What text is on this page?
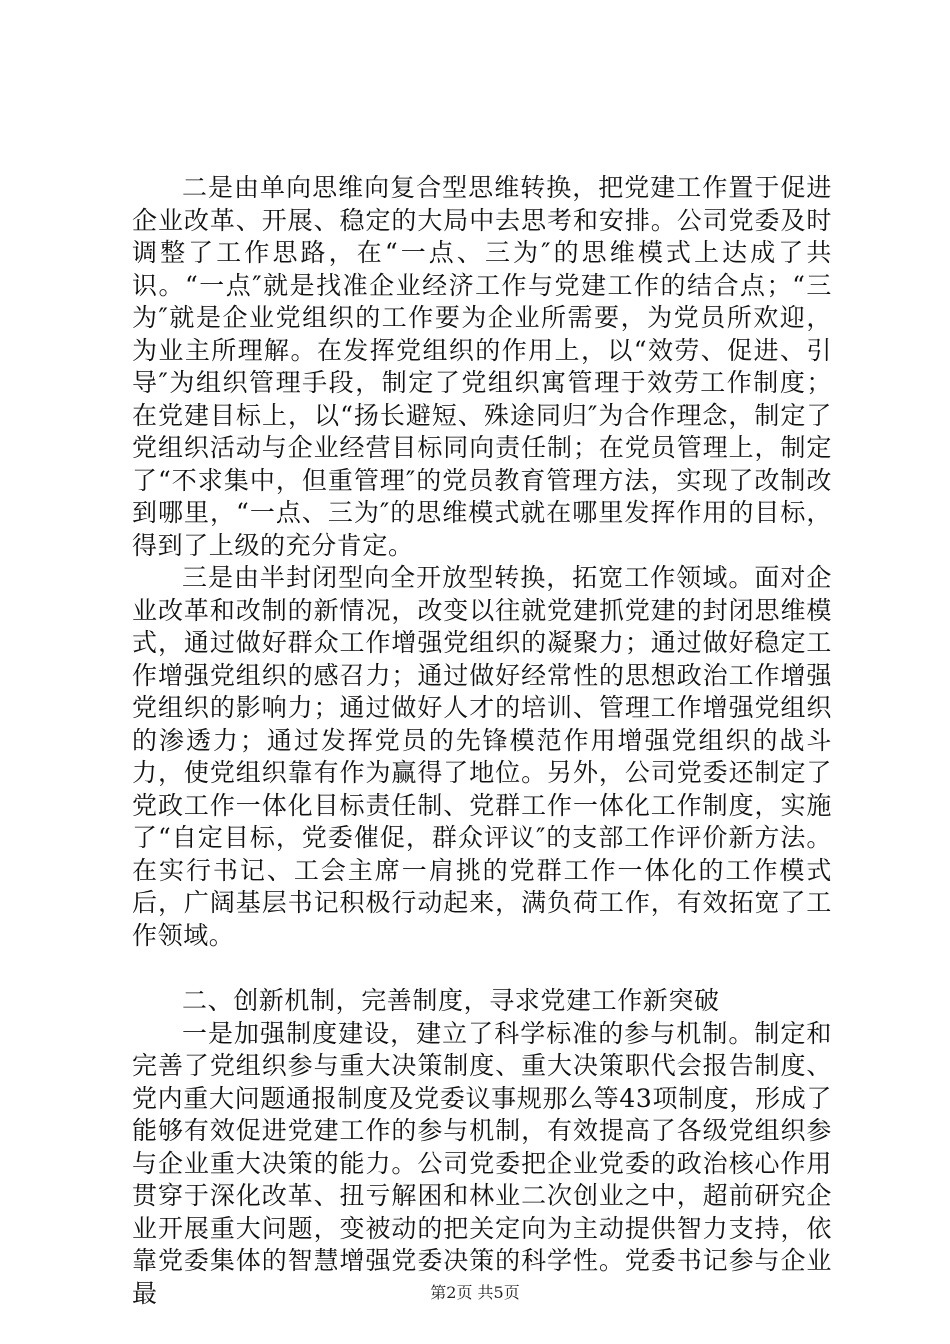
二是由单向思维向复合型思维转换，把党建工作置于促进企业改革、开展、稳定的大局中去思考和安排。公司党委及时调整了工作思路，在“一点、三为″的思维模式上达成了共识。“一点″就是找准企业经济工作与党建工作的结合点；“三为″就是企业党组织的工作要为企业所需要，为党员所欢迎，为业主所理解。在发挥党组织的作用上，以“效劳、促进、引导″为组织管理手段，制定了党组织寓管理于效劳工作制度；在党建目标上，以“扬长避短、殊途同归″为合作理念，制定了党组织活动与企业经营目标同向责任制；在党员管理上，制定了“不求集中，但重管理″的党员教育管理方法，实现了改制改到哪里，“一点、三为″的思维模式就在哪里发挥作用的目标，得到了上级的充分肯定。

三是由半封闭型向全开放型转换，拓宽工作领域。面对企业改革和改制的新情况，改变以往就党建抓党建的封闭思维模式，通过做好群众工作增强党组织的凝聚力；通过做好稳定工作增强党组织的感召力；通过做好经常性的思想政治工作增强党组织的影响力；通过做好人才的培训、管理工作增强党组织的渗透力；通过发挥党员的先锋模范作用增强党组织的战斗力，使党组织靠有作为赢得了地位。另外，公司党委还制定了党政工作一体化目标责任制、党群工作一体化工作制度，实施了“自定目标，党委催促，群众评议″的支部工作评价新方法。在实行书记、工会主席一肩挑的党群工作一体化的工作模式后，广阔基层书记积极行动起来，满负荷工作，有效拓宽了工作领域。

二、创新机制，完善制度，寻求党建工作新突破

一是加强制度建设，建立了科学标准的参与机制。制定和完善了党组织参与重大决策制度、重大决策职代会报告制度、党内重大问题通报制度及党委议事规那么等43项制度，形成了能够有效促进党建工作的参与机制，有效提高了各级党组织参与企业重大决策的能力。公司党委把企业党委的政治核心作用贯穿于深化改革、扭亏解困和林业二次创业之中，超前研究企业开展重大问题，变被动的把关定向为主动提供智力支持，依靠党委集体的智慧增强党委决策的科学性。党委书记参与企业最	第2页 共5页
